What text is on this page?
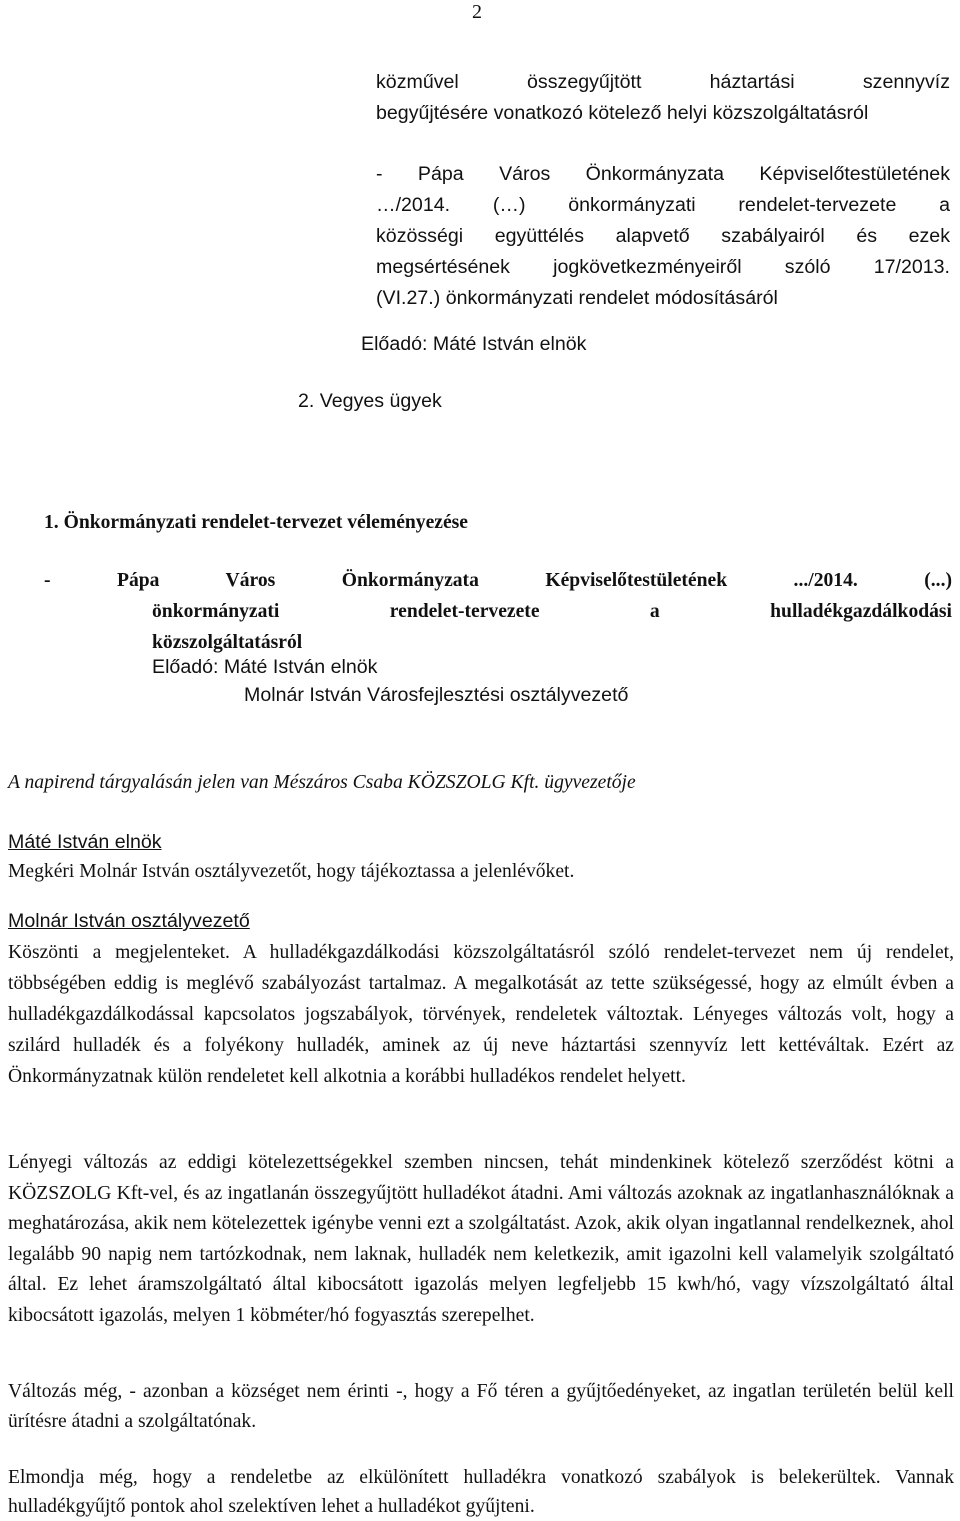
2
közművel összegyűjtött háztartási szennyvíz
begyűjtésére vonatkozó kötelező helyi közszolgáltatásról
- Pápa Város Önkormányzata Képviselőtestületének
…/2014. (…) önkormányzati rendelet-tervezete a
közösségi együttélés alapvető szabályairól és ezek
megsértésének jogkövetkezményeiről szóló 17/2013.
(VI.27.) önkormányzati rendelet módosításáról
Előadó: Máté István elnök
2. Vegyes ügyek
1. Önkormányzati rendelet-tervezet véleményezése
- Pápa Város Önkormányzata Képviselőtestületének .../2014. (...)
önkormányzati rendelet-tervezete a hulladékgazdálkodási
közszolgáltatásról
Előadó: Máté István elnök
Molnár István Városfejlesztési osztályvezető
A napirend tárgyalásán jelen van Mészáros Csaba KÖZSZOLG Kft. ügyvezetője
Máté István elnök
Megkéri Molnár István osztályvezetőt, hogy tájékoztassa a jelenlévőket.
Molnár István osztályvezető

Köszönti a megjelenteket. A hulladékgazdálkodási közszolgáltatásról szóló rendelet-tervezet nem új rendelet, többségében eddig is meglévő szabályozást tartalmaz. A megalkotását az tette szükségessé, hogy az elmúlt évben a hulladékgazdálkodással kapcsolatos jogszabályok, törvények, rendeletek változtak. Lényeges változás volt, hogy a szilárd hulladék és a folyékony hulladék, aminek az új neve háztartási szennyvíz lett kettéváltak. Ezért az Önkormányzatnak külön rendeletet kell alkotnia a korábbi hulladékos rendelet helyett.

Lényegi változás az eddigi kötelezettségekkel szemben nincsen, tehát mindenkinek kötelező szerződést kötni a KÖZSZOLG Kft-vel, és az ingatlanán összegyűjtött hulladékot átadni. Ami változás azoknak az ingatlanhasználóknak a meghatározása, akik nem kötelezettek igénybe venni ezt a szolgáltatást. Azok, akik olyan ingatlannal rendelkeznek, ahol legalább 90 napig nem tartózkodnak, nem laknak, hulladék nem keletkezik, amit igazolni kell valamelyik szolgáltató által. Ez lehet áramszolgáltató által kibocsátott igazolás melyen legfeljebb 15 kwh/hó, vagy vízszolgáltató által kibocsátott igazolás, melyen 1 köbméter/hó fogyasztás szerepelhet.

Változás még, - azonban a községet nem érinti -, hogy a Fő téren a gyűjtőedényeket, az ingatlan területén belül kell ürítésre átadni a szolgáltatónak.

Elmondja még, hogy a rendeletbe az elkülönített hulladékra vonatkozó szabályok is belekerültek. Vannak hulladékgyűjtő pontok ahol szelektíven lehet a hulladékot gyűjteni.
